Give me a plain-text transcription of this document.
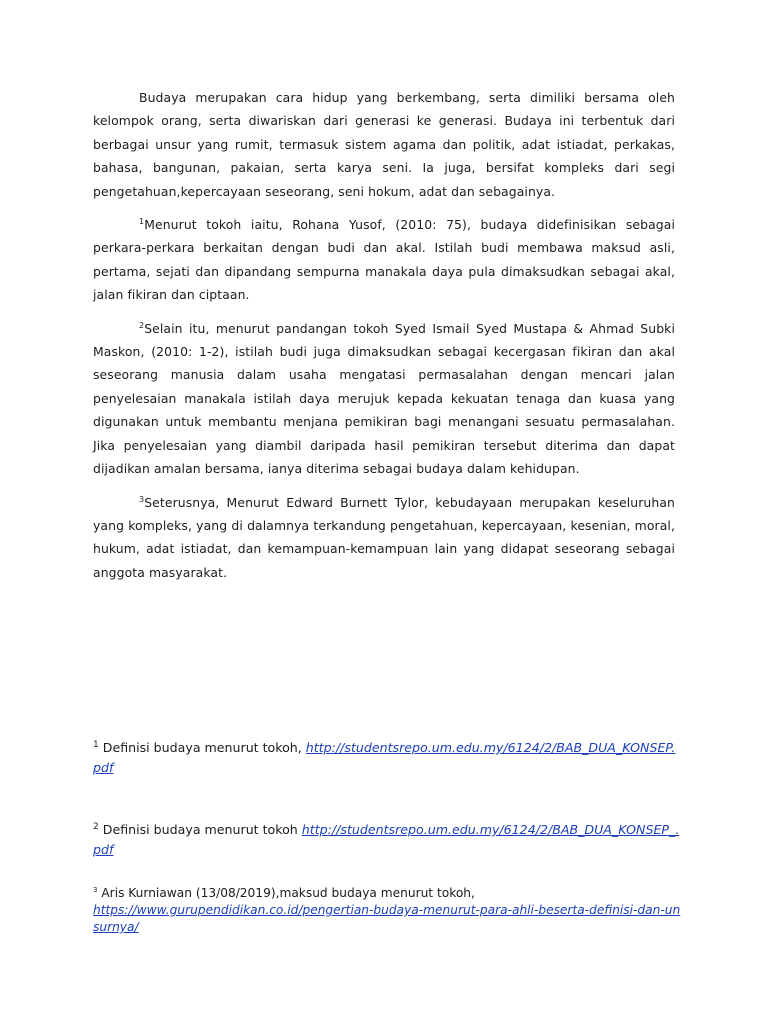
Budaya merupakan cara hidup yang berkembang, serta dimiliki bersama oleh kelompok orang, serta diwariskan dari generasi ke generasi. Budaya ini terbentuk dari berbagai unsur yang rumit, termasuk sistem agama dan politik, adat istiadat, perkakas, bahasa, bangunan, pakaian, serta karya seni. Ia juga, bersifat kompleks dari segi pengetahuan,kepercayaan seseorang, seni hokum, adat dan sebagainya.

$^1$Menurut tokoh iaitu, Rohana Yusof, (2010: 75), budaya didefinisikan sebagai perkara-perkara berkaitan dengan budi dan akal. Istilah budi membawa maksud asli, pertama, sejati dan dipandang sempurna manakala daya pula dimaksudkan sebagai akal, jalan fikiran dan ciptaan.

$^2$Selain itu, menurut pandangan tokoh Syed Ismail Syed Mustapa & Ahmad Subki Maskon, (2010: 1-2), istilah budi juga dimaksudkan sebagai kecergasan fikiran dan akal seseorang manusia dalam usaha mengatasi permasalahan dengan mencari jalan penyelesaian manakala istilah daya merujuk kepada kekuatan tenaga dan kuasa yang digunakan untuk membantu menjana pemikiran bagi menangani sesuatu permasalahan. Jika penyelesaian yang diambil daripada hasil pemikiran tersebut diterima dan dapat dijadikan amalan bersama, ianya diterima sebagai budaya dalam kehidupan.

$^3$Seterusnya, Menurut Edward Burnett Tylor, kebudayaan merupakan keseluruhan yang kompleks, yang di dalamnya terkandung pengetahuan, kepercayaan, kesenian, moral, hukum, adat istiadat, dan kemampuan-kemampuan lain yang didapat seseorang sebagai anggota masyarakat.

$^1$ Definisi budaya menurut tokoh, http://studentsrepo.um.edu.my/6124/2/BAB_DUA_KONSEP.pdf
$^2$ Definisi budaya menurut tokoh http://studentsrepo.um.edu.my/6124/2/BAB_DUA_KONSEP_.pdf
$^3$ Aris Kurniawan (13/08/2019),maksud budaya menurut tokoh,
https://www.gurupendidikan.co.id/pengertian-budaya-menurut-para-ahli-beserta-definisi-dan-unsurnya/
